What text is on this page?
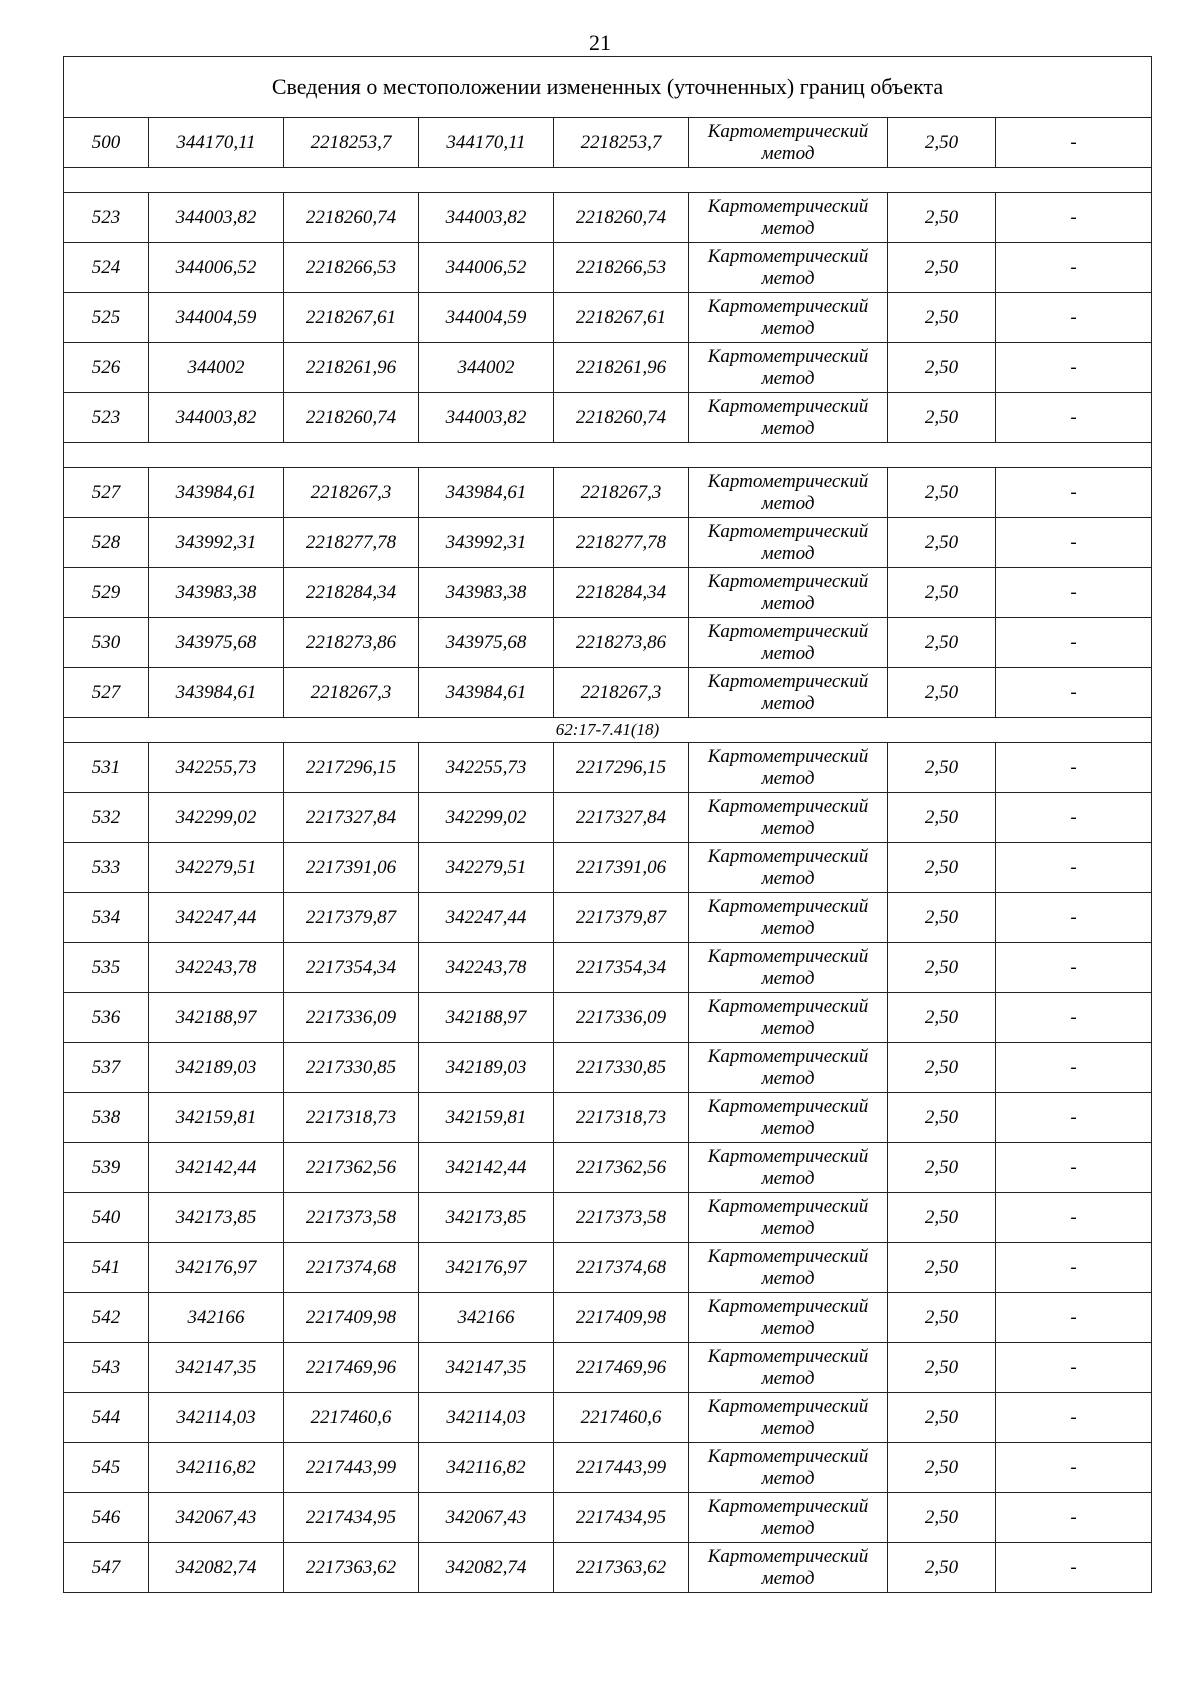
21
Сведения о местоположении измененных (уточненных) границ объекта							
500	344170,11	2218253,7	344170,11	2218253,7	Картометрический
метод	2,50	-

523	344003,82	2218260,74	344003,82	2218260,74	Картометрический
метод	2,50	-
524	344006,52	2218266,53	344006,52	2218266,53	Картометрический
метод	2,50	-
525	344004,59	2218267,61	344004,59	2218267,61	Картометрический
метод	2,50	-
526	344002	2218261,96	344002	2218261,96	Картометрический
метод	2,50	-
523	344003,82	2218260,74	344003,82	2218260,74	Картометрический
метод	2,50	-

527	343984,61	2218267,3	343984,61	2218267,3	Картометрический
метод	2,50	-
528	343992,31	2218277,78	343992,31	2218277,78	Картометрический
метод	2,50	-
529	343983,38	2218284,34	343983,38	2218284,34	Картометрический
метод	2,50	-
530	343975,68	2218273,86	343975,68	2218273,86	Картометрический
метод	2,50	-
527	343984,61	2218267,3	343984,61	2218267,3	Картометрический
метод	2,50	-
62:17-7.41(18)							
531	342255,73	2217296,15	342255,73	2217296,15	Картометрический
метод	2,50	-
532	342299,02	2217327,84	342299,02	2217327,84	Картометрический
метод	2,50	-
533	342279,51	2217391,06	342279,51	2217391,06	Картометрический
метод	2,50	-
534	342247,44	2217379,87	342247,44	2217379,87	Картометрический
метод	2,50	-
535	342243,78	2217354,34	342243,78	2217354,34	Картометрический
метод	2,50	-
536	342188,97	2217336,09	342188,97	2217336,09	Картометрический
метод	2,50	-
537	342189,03	2217330,85	342189,03	2217330,85	Картометрический
метод	2,50	-
538	342159,81	2217318,73	342159,81	2217318,73	Картометрический
метод	2,50	-
539	342142,44	2217362,56	342142,44	2217362,56	Картометрический
метод	2,50	-
540	342173,85	2217373,58	342173,85	2217373,58	Картометрический
метод	2,50	-
541	342176,97	2217374,68	342176,97	2217374,68	Картометрический
метод	2,50	-
542	342166	2217409,98	342166	2217409,98	Картометрический
метод	2,50	-
543	342147,35	2217469,96	342147,35	2217469,96	Картометрический
метод	2,50	-
544	342114,03	2217460,6	342114,03	2217460,6	Картометрический
метод	2,50	-
545	342116,82	2217443,99	342116,82	2217443,99	Картометрический
метод	2,50	-
546	342067,43	2217434,95	342067,43	2217434,95	Картометрический
метод	2,50	-
547	342082,74	2217363,62	342082,74	2217363,62	Картометрический
метод	2,50	-
